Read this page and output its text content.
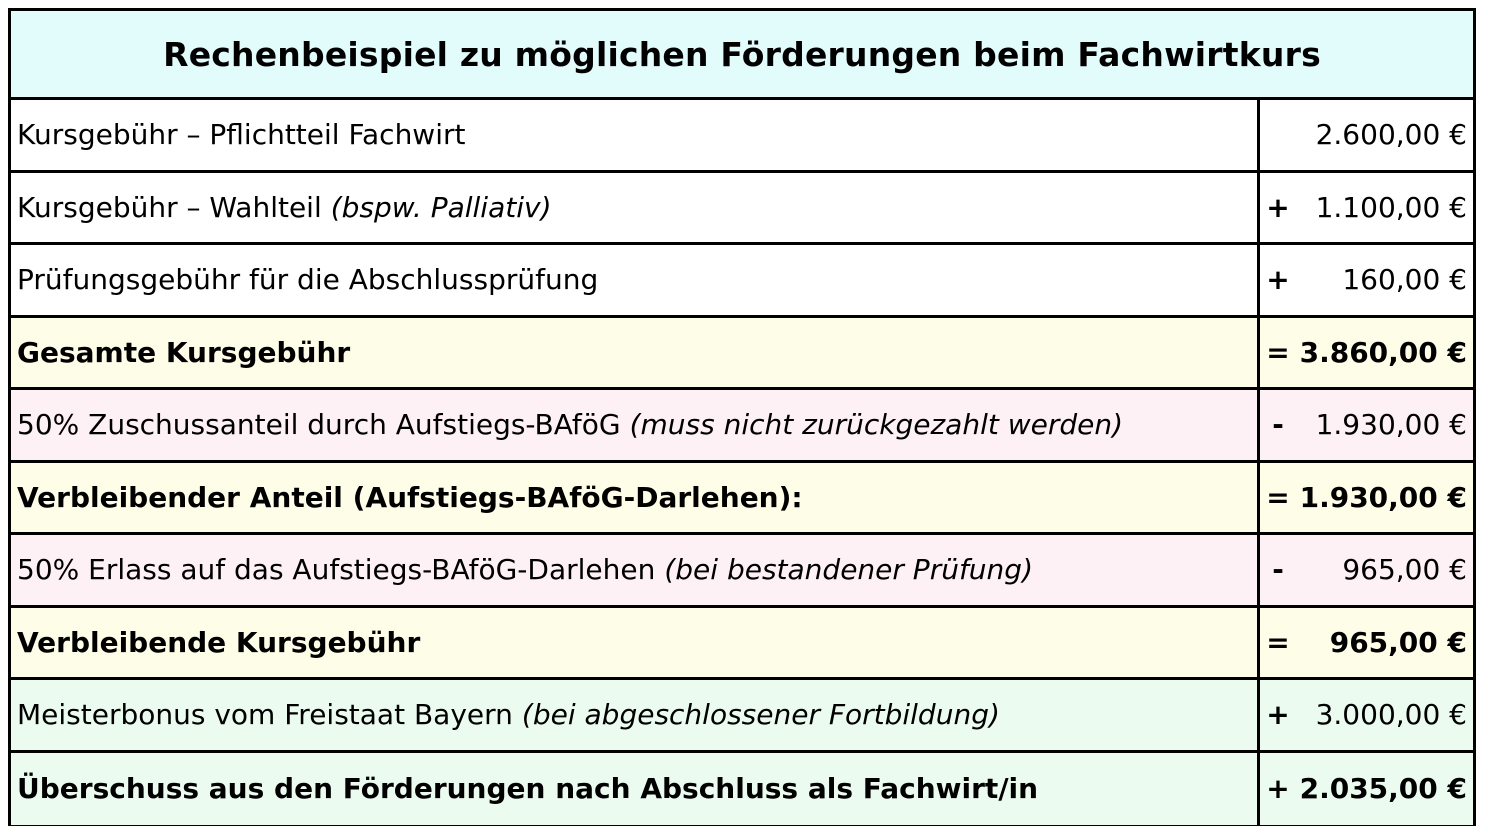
Rechenbeispiel zu möglichen Förderungen beim Fachwirtkurs
Kursgebühr – Pflichtteil Fachwirt	2.600,00 €
Kursgebühr – Wahlteil (bspw. Palliativ)	+ 1.100,00 €
Prüfungsgebühr für die Abschlussprüfung	+	160,00 €
Gesamte Kursgebühr	= 3.860,00 €
50% Zuschussanteil durch Aufstiegs-BAföG (muss nicht zurückgezahlt werden)	-	1.930,00 €
Verbleibender Anteil (Aufstiegs-BAföG-Darlehen):	= 1.930,00 €
50% Erlass auf das Aufstiegs-BAföG-Darlehen (bei bestandener Prüfung)	-	965,00 €
Verbleibende Kursgebühr	=	965,00 €
Meisterbonus vom Freistaat Bayern (bei abgeschlossener Fortbildung)	+ 3.000,00 €
Überschuss aus den Förderungen nach Abschluss als Fachwirt/in	+ 2.035,00 €
